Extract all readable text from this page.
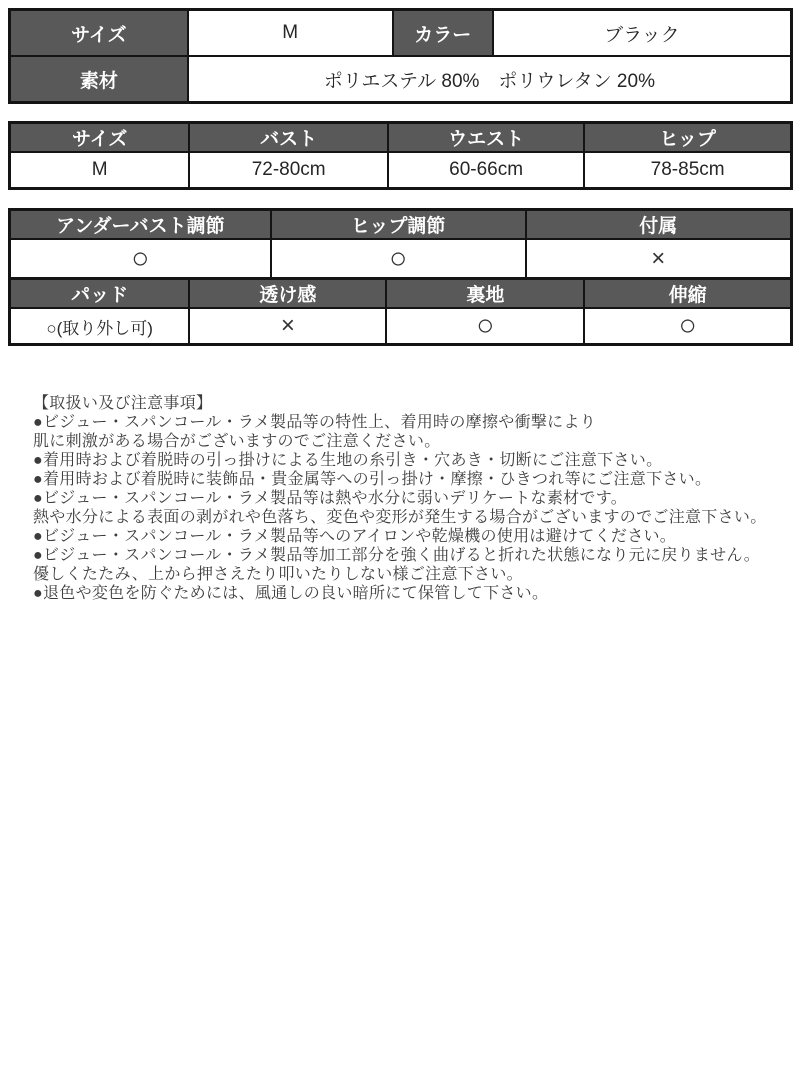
サイズ	M	カラー	ブラック
素材	ポリエステル 80%　ポリウレタン 20%		
サイズ	バスト	ウエスト	ヒップ
M	72-80cm	60-66cm	78-85cm
アンダーバスト調節	ヒップ調節	付属
○	○	×
パッド	透け感	裏地	伸縮
○(取り外し可)	×	○	○
【取扱い及び注意事項】
●ビジュー・スパンコール・ラメ製品等の特性上、着用時の摩擦や衝撃により
肌に刺激がある場合がございますのでご注意ください。
●着用時および着脱時の引っ掛けによる生地の糸引き・穴あき・切断にご注意下さい。
●着用時および着脱時に装飾品・貴金属等への引っ掛け・摩擦・ひきつれ等にご注意下さい。
●ビジュー・スパンコール・ラメ製品等は熱や水分に弱いデリケートな素材です。
熱や水分による表面の剥がれや色落ち、変色や変形が発生する場合がございますのでご注意下さい。
●ビジュー・スパンコール・ラメ製品等へのアイロンや乾燥機の使用は避けてください。
●ビジュー・スパンコール・ラメ製品等加工部分を強く曲げると折れた状態になり元に戻りません。
優しくたたみ、上から押さえたり叩いたりしない様ご注意下さい。
●退色や変色を防ぐためには、風通しの良い暗所にて保管して下さい。
